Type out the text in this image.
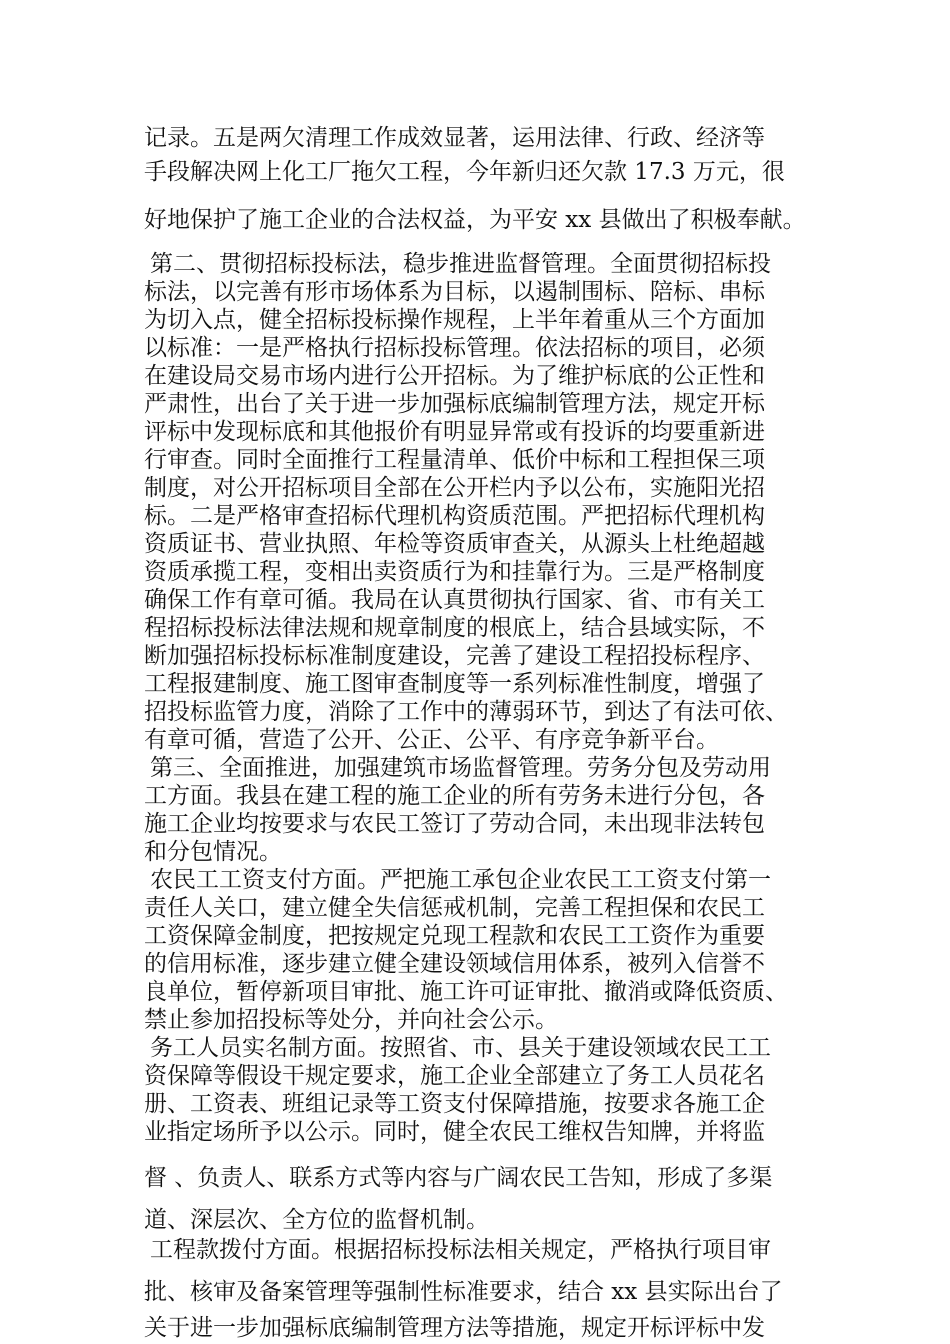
记录。五是两欠清理工作成效显著，运用法律、行政、经济等
手段解决网上化工厂拖欠工程，今年新归还欠款 17.3 万元，很
好地保护了施工企业的合法权益，为平安 xx 县做出了积极奉献。
第二、贯彻招标投标法，稳步推进监督管理。全面贯彻招标投
标法，以完善有形市场体系为目标，以遏制围标、陪标、串标
为切入点，健全招标投标操作规程，上半年着重从三个方面加
以标准：一是严格执行招标投标管理。依法招标的项目，必须
在建设局交易市场内进行公开招标。为了维护标底的公正性和
严肃性，出台了关于进一步加强标底编制管理方法，规定开标
评标中发现标底和其他报价有明显异常或有投诉的均要重新进
行审查。同时全面推行工程量清单、低价中标和工程担保三项
制度，对公开招标项目全部在公开栏内予以公布，实施阳光招
标。二是严格审查招标代理机构资质范围。严把招标代理机构
资质证书、营业执照、年检等资质审查关，从源头上杜绝超越
资质承揽工程，变相出卖资质行为和挂靠行为。三是严格制度
确保工作有章可循。我局在认真贯彻执行国家、省、市有关工
程招标投标法律法规和规章制度的根底上，结合县域实际，不
断加强招标投标标准制度建设，完善了建设工程招投标程序、
工程报建制度、施工图审查制度等一系列标准性制度，增强了
招投标监管力度，消除了工作中的薄弱环节，到达了有法可依、
有章可循，营造了公开、公正、公平、有序竞争新平台。
第三、全面推进，加强建筑市场监督管理。劳务分包及劳动用
工方面。我县在建工程的施工企业的所有劳务未进行分包，各
施工企业均按要求与农民工签订了劳动合同，未出现非法转包
和分包情况。
农民工工资支付方面。严把施工承包企业农民工工资支付第一
责任人关口，建立健全失信惩戒机制，完善工程担保和农民工
工资保障金制度，把按规定兑现工程款和农民工工资作为重要
的信用标准，逐步建立健全建设领域信用体系，被列入信誉不
良单位，暂停新项目审批、施工许可证审批、撤消或降低资质、
禁止参加招投标等处分，并向社会公示。
务工人员实名制方面。按照省、市、县关于建设领域农民工工
资保障等假设干规定要求，施工企业全部建立了务工人员花名
册、工资表、班组记录等工资支付保障措施，按要求各施工企
业指定场所予以公示。同时，健全农民工维权告知牌，并将监
督 、负责人、联系方式等内容与广阔农民工告知，形成了多渠
道、深层次、全方位的监督机制。
工程款拨付方面。根据招标投标法相关规定，严格执行项目审
批、核审及备案管理等强制性标准要求，结合 xx 县实际出台了
关于进一步加强标底编制管理方法等措施，规定开标评标中发
